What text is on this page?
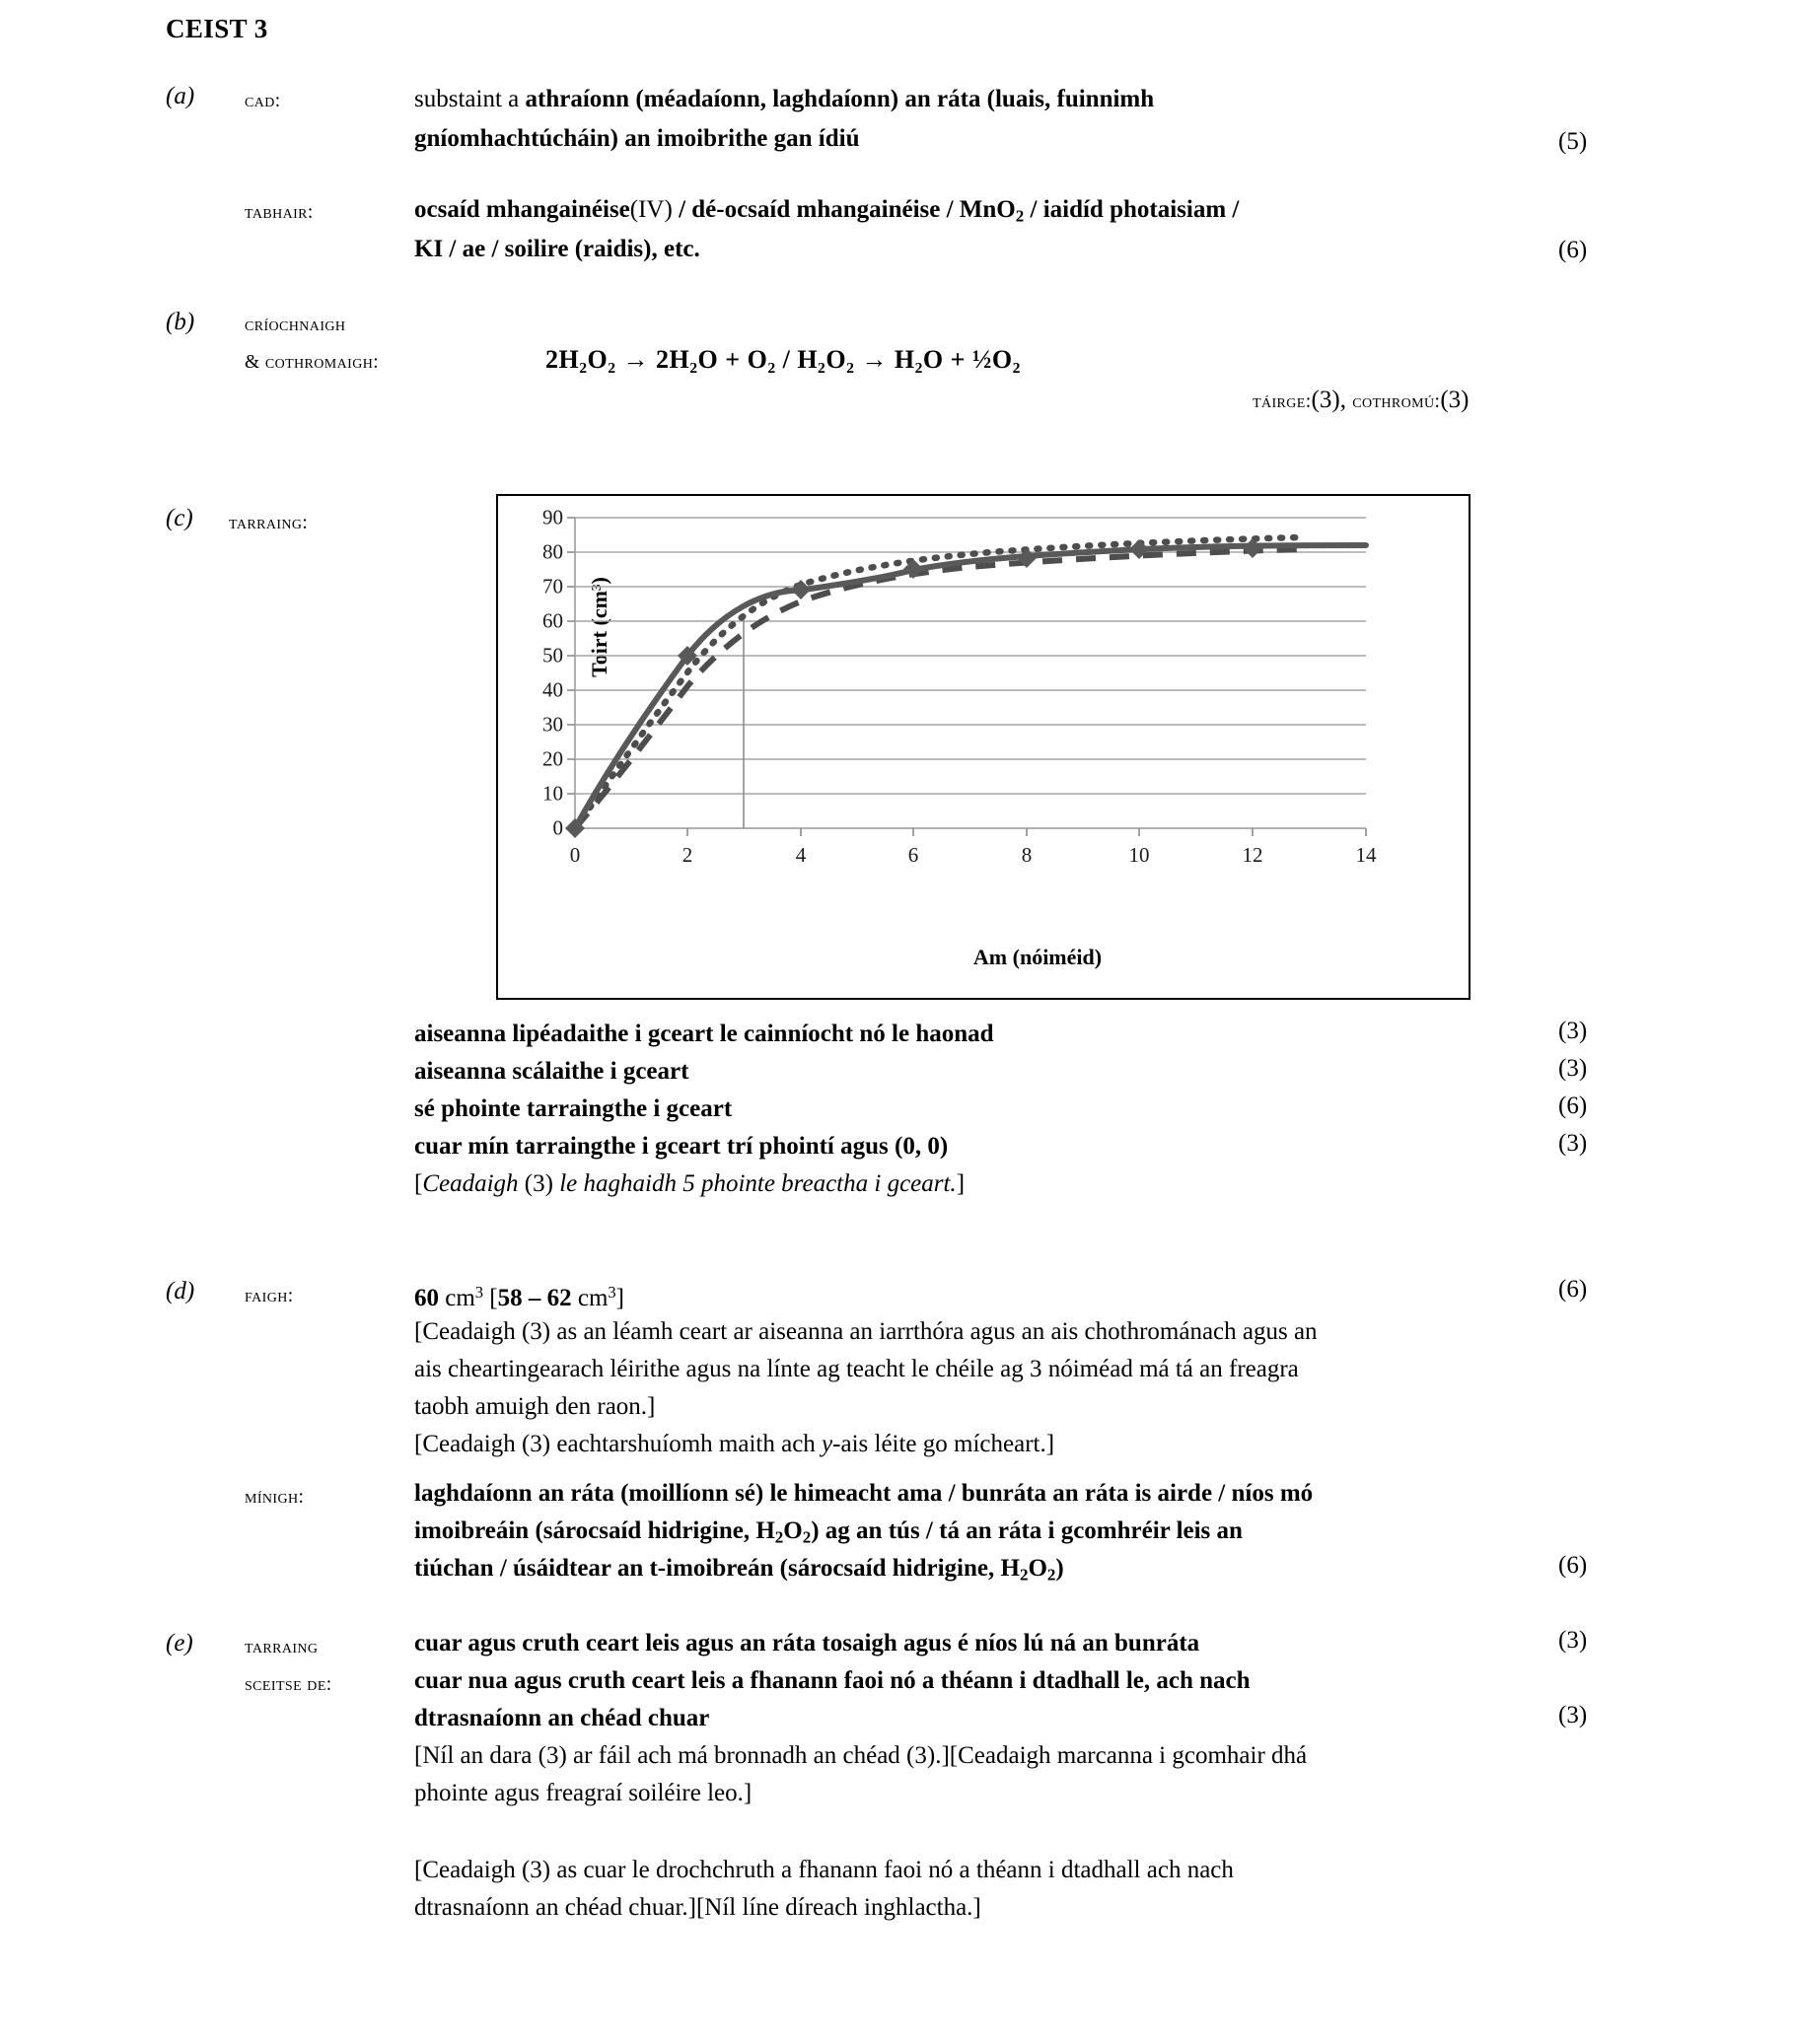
CEIST 3
(a)	cad:	substaint a athraíonn (méadaíonn, laghdaíonn) an ráta (luais, fuinnimh
gníomhachtúcháin) an imoibrithe gan ídiú	(5)
tabhair:	ocsaíd mhangainéise(IV) / dé-ocsaíd mhangainéise / MnO$_2$ / iaidíd photaisiam /
KI / ae / soilire (raidis), etc.	(6)
(b)	críochnaigh
& cothromaigh:	2H₂O₂ → 2H₂O + O₂ / H₂O₂ → H₂O + ½O₂
táirge:(3), cothromú:(3)
(c) tarraing:
Toirt (cm³)
90
80
70
60
50
40
30
20
10
0
0	2	4	6	8	10	12	14
Am (nóiméid)
aiseanna lipéadaithe i gceart le cainníocht nó le haonad	(3)
aiseanna scálaithe i gceart	(3)
sé phointe tarraingthe i gceart	(6)
cuar mín tarraingthe i gceart trí phointí agus (0, 0)	(3)
[Ceadaigh (3) le haghaidh 5 phointe breactha i gceart.]
(d)	faigh:	60 $cm^3$ [58 – 62 $cm^3$]	(6)
[Ceadaigh (3) as an léamh ceart ar aiseanna an iarrthóra agus an ais chothrománach agus an
ais cheartingearach léirithe agus na línte ag teacht le chéile ag 3 nóiméad má tá an freagra
taobh amuigh den raon.]
[Ceadaigh (3) eachtarshuíomh maith ach y-ais léite go mícheart.]
mínigh:	laghdaíonn an ráta (moillíonn sé) le himeacht ama / bunráta an ráta is airde / níos mó
imoibreáin (sárocsaíd hidrigine, $H_2O_2$) ag an tús / tá an ráta i gcomhréir leis an
tiúchan / úsáidtear an t-imoibreán (sárocsaíd hidrigine, $H_2O_2$)	(6)
(e)	tarraing
sceitse de:
cuar agus cruth ceart leis agus an ráta tosaigh agus é níos lú ná an bunráta	(3)
cuar nua agus cruth ceart leis a fhanann faoi nó a théann i dtadhall le, ach nach
dtrasnaíonn an chéad chuar	(3)
[Níl an dara (3) ar fáil ach má bronnadh an chéad (3).][Ceadaigh marcanna i gcomhair dhá
phointe agus freagraí soiléire leo.]
[Ceadaigh (3) as cuar le drochchruth a fhanann faoi nó a théann i dtadhall ach nach
dtrasnaíonn an chéad chuar.][Níl líne díreach inghlactha.]
